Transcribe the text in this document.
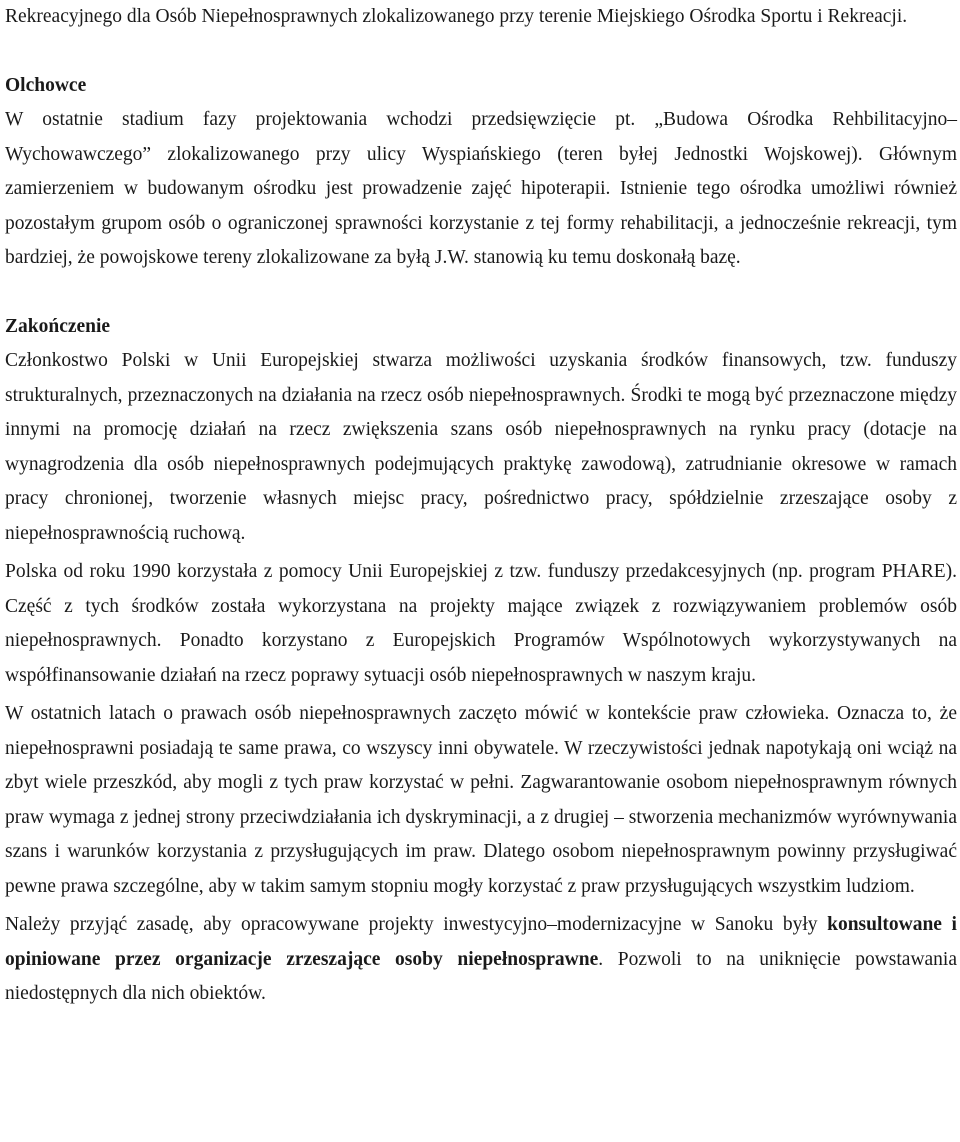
Rekreacyjnego dla Osób Niepełnosprawnych zlokalizowanego przy terenie Miejskiego Ośrodka Sportu i Rekreacji.

Olchowce

W ostatnie stadium fazy projektowania wchodzi przedsięwzięcie pt. „Budowa Ośrodka Rehbilitacyjno–Wychowawczego” zlokalizowanego przy ulicy Wyspiańskiego (teren byłej Jednostki Wojskowej). Głównym zamierzeniem w budowanym ośrodku jest prowadzenie zajęć hipoterapii. Istnienie tego ośrodka umożliwi również pozostałym grupom osób o ograniczonej sprawności korzystanie z tej formy rehabilitacji, a jednocześnie rekreacji, tym bardziej, że powojskowe tereny zlokalizowane za byłą J.W. stanowią ku temu doskonałą bazę.

Zakończenie

Członkostwo Polski w Unii Europejskiej stwarza możliwości uzyskania środków finansowych, tzw. funduszy strukturalnych, przeznaczonych na działania na rzecz osób niepełnosprawnych. Środki te mogą być przeznaczone między innymi na promocję działań na rzecz zwiększenia szans osób niepełnosprawnych na rynku pracy (dotacje na wynagrodzenia dla osób niepełnosprawnych podejmujących praktykę zawodową), zatrudnianie okresowe w ramach pracy chronionej, tworzenie własnych miejsc pracy, pośrednictwo pracy, spółdzielnie zrzeszające osoby z niepełnosprawnością ruchową.

Polska od roku 1990 korzystała z pomocy Unii Europejskiej z tzw. funduszy przedakcesyjnych (np. program PHARE). Część z tych środków została wykorzystana na projekty mające związek z rozwiązywaniem problemów osób niepełnosprawnych. Ponadto korzystano z Europejskich Programów Wspólnotowych wykorzystywanych na współfinansowanie działań na rzecz poprawy sytuacji osób niepełnosprawnych w naszym kraju.

W ostatnich latach o prawach osób niepełnosprawnych zaczęto mówić w kontekście praw człowieka. Oznacza to, że niepełnosprawni posiadają te same prawa, co wszyscy inni obywatele. W rzeczywistości jednak napotykają oni wciąż na zbyt wiele przeszkód, aby mogli z tych praw korzystać w pełni. Zagwarantowanie osobom niepełnosprawnym równych praw wymaga z jednej strony przeciwdziałania ich dyskryminacji, a z drugiej – stworzenia mechanizmów wyrównywania szans i warunków korzystania z przysługujących im praw. Dlatego osobom niepełnosprawnym powinny przysługiwać pewne prawa szczególne, aby w takim samym stopniu mogły korzystać z praw przysługujących wszystkim ludziom.

Należy przyjąć zasadę, aby opracowywane projekty inwestycyjno–modernizacyjne w Sanoku były konsultowane i opiniowane przez organizacje zrzeszające osoby niepełnosprawne. Pozwoli to na uniknięcie powstawania niedostępnych dla nich obiektów.
